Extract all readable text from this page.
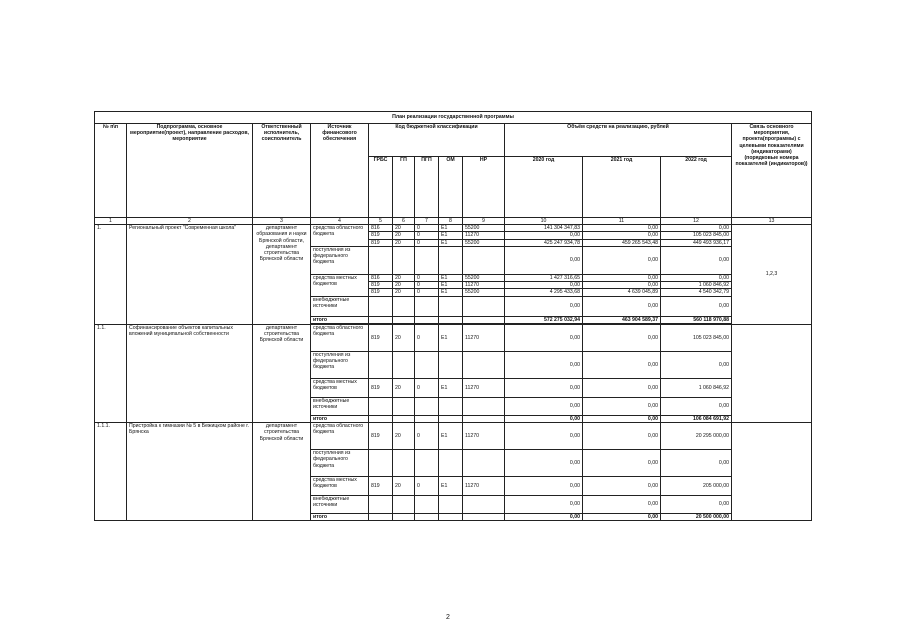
План реализации государственной программы													
№ п\п	Подпрограмма, основное мероприятие(проект), направление расходов, мероприятие	Ответственный исполнитель, соисполнитель	Источник финансового обеспечения	Код бюджетной классификации					Объём средств на реализацию, рублей			Связь основного мероприятия, проекта(программы) с целевыми показателями (индикаторами) (порядковые номера показателей (индикаторов))	
				ГРБС	ГП	ПГП	ОМ	НР	2020 год	2021 год	2022 год		
1	2	3	4	5	6	7	8	9	10	11	12	13	
1.	Региональный проект "Современная школа"	департамент образования и науки Брянской области, департамент строительства Брянской области	средства областного бюджета	816	20	0	E1	55200	141 304 347,83	0,00	0,00	1,2,3	
				819	20	0	E1	11270	0,00	0,00	105 023 845,00		
				819	20	0	E1	55200	425 247 934,78	459 265 543,48	449 493 936,17		
			поступления из федерального бюджета						0,00	0,00	0,00		
			средства местных бюджетов	816	20	0	E1	55200	1 427 316,65	0,00	0,00		
				819	20	0	E1	11270	0,00	0,00	1 060 846,92		
				819	20	0	E1	55200	4 295 433,68	4 639 045,89	4 540 342,79		
			внебюджетные источники						0,00	0,00	0,00		
			итого						572 275 032,94	463 904 589,37	560 118 970,88		

1.1.	Софинансирование объектов капитальных вложений муниципальной собственности	департамент строительства Брянской области	средства областного бюджета	819	20	0	E1	11270	0,00	0,00	105 023 845,00		
			поступления из федерального бюджета						0,00	0,00	0,00		
			средства местных бюджетов	819	20	0	E1	11270	0,00	0,00	1 060 846,92		
			внебюджетные источники						0,00	0,00	0,00		
			итого						0,00	0,00	106 084 691,92		
1.1.1.	Пристройка к гимназии № 5 в Бежицком районе г. Брянска	департамент строительства Брянской области	средства областного бюджета	819	20	0	E1	11270	0,00	0,00	20 295 000,00		
			поступления из федерального бюджета						0,00	0,00	0,00		
			средства местных бюджетов	819	20	0	E1	11270	0,00	0,00	205 000,00		
			внебюджетные источники						0,00	0,00	0,00		
			итого						0,00	0,00	20 500 000,00		
2
